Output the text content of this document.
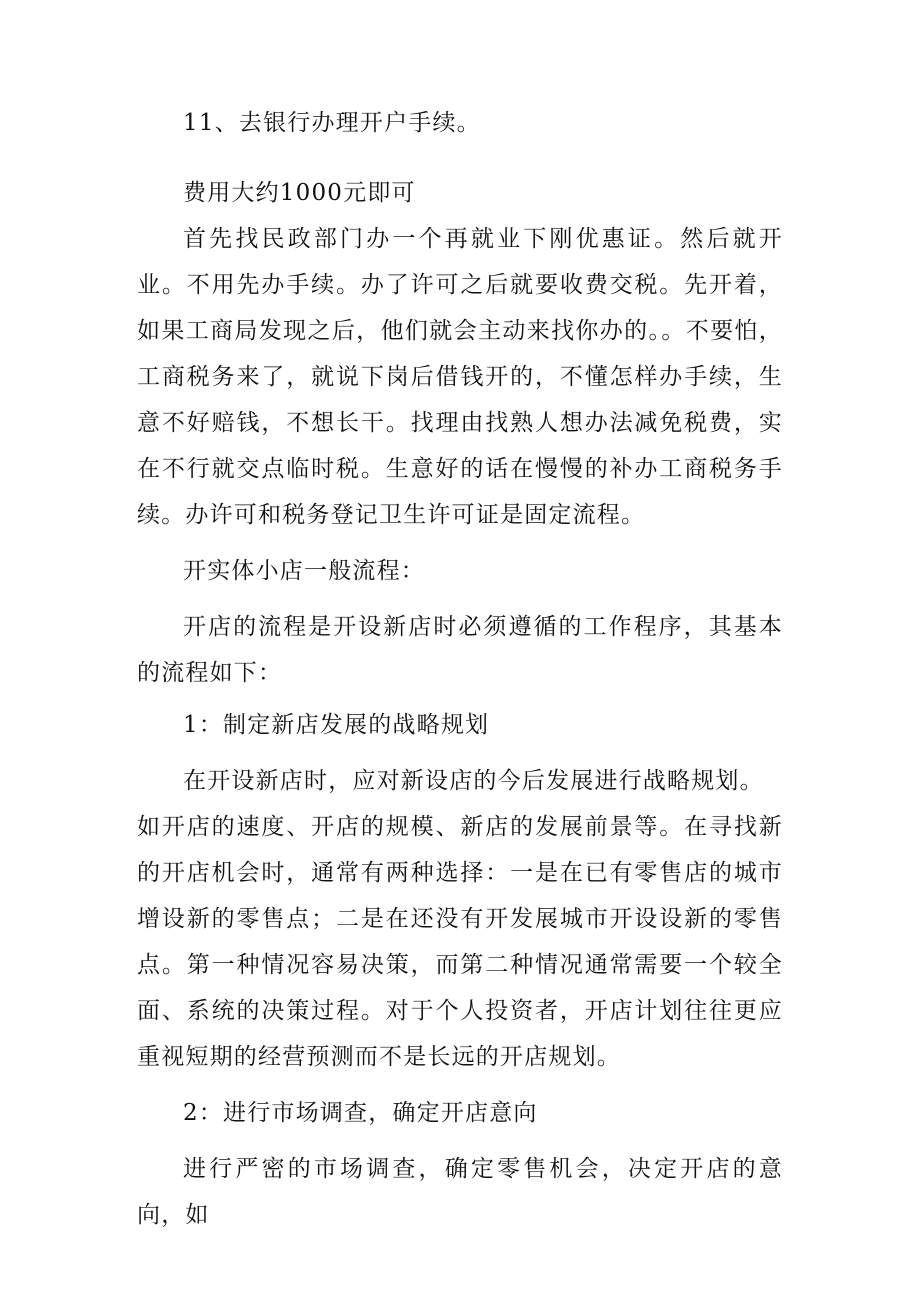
11、去银行办理开户手续。

费用大约1000元即可

首先找民政部门办一个再就业下刚优惠证。然后就开业。不用先办手续。办了许可之后就要收费交税。先开着，如果工商局发现之后，他们就会主动来找你办的。。不要怕，工商税务来了，就说下岗后借钱开的，不懂怎样办手续，生意不好赔钱，不想长干。找理由找熟人想办法减免税费，实在不行就交点临时税。生意好的话在慢慢的补办工商税务手续。办许可和税务登记卫生许可证是固定流程。

开实体小店一般流程：

开店的流程是开设新店时必须遵循的工作程序，其基本的流程如下：

1：制定新店发展的战略规划

在开设新店时，应对新设店的今后发展进行战略规划。

如开店的速度、开店的规模、新店的发展前景等。在寻找新的开店机会时，通常有两种选择：一是在已有零售店的城市增设新的零售点；二是在还没有开发展城市开设设新的零售点。第一种情况容易决策，而第二种情况通常需要一个较全面、系统的决策过程。对于个人投资者，开店计划往往更应重视短期的经营预测而不是长远的开店规划。

2：进行市场调查，确定开店意向

进行严密的市场调查，确定零售机会，决定开店的意向，如
